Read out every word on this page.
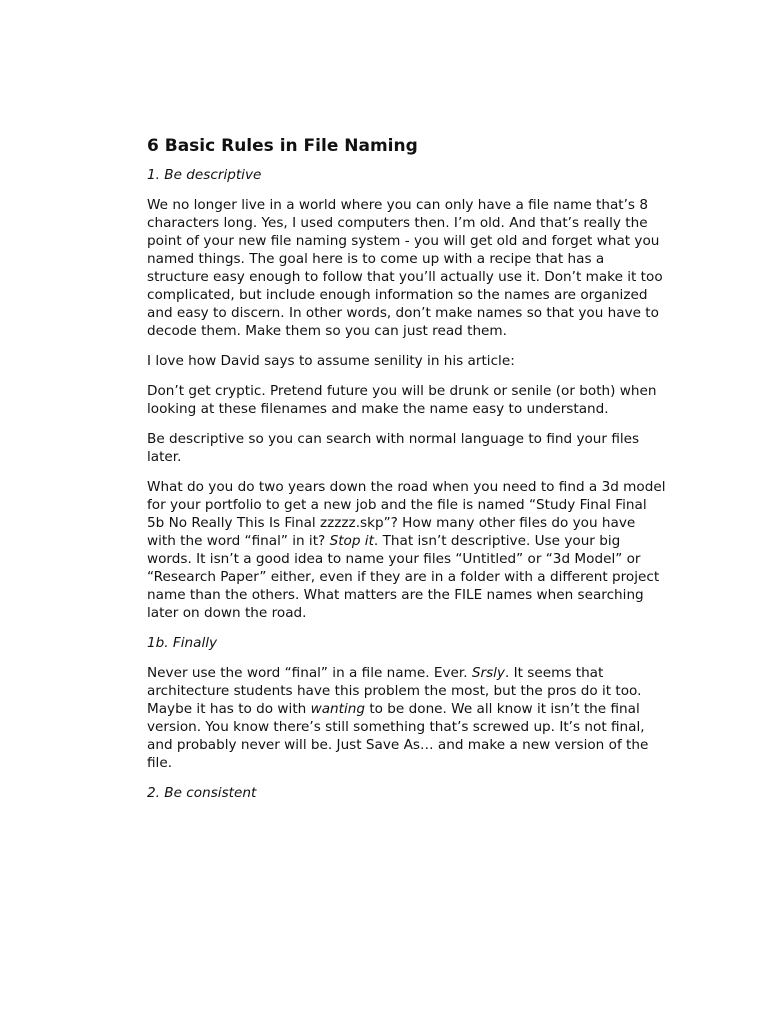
6 Basic Rules in File Naming
1. Be descriptive

We no longer live in a world where you can only have a file name that’s 8 characters long. Yes, I used computers then. I’m old. And that’s really the point of your new file naming system - you will get old and forget what you named things. The goal here is to come up with a recipe that has a structure easy enough to follow that you’ll actually use it. Don’t make it too complicated, but include enough information so the names are organized and easy to discern. In other words, don’t make names so that you have to decode them. Make them so you can just read them.

I love how David says to assume senility in his article:

Don’t get cryptic. Pretend future you will be drunk or senile (or both) when looking at these filenames and make the name easy to understand.

Be descriptive so you can search with normal language to find your files later.

What do you do two years down the road when you need to find a 3d model for your portfolio to get a new job and the file is named “Study Final Final 5b No Really This Is Final zzzzz.skp”? How many other files do you have with the word “final” in it? Stop it. That isn’t descriptive. Use your big words. It isn’t a good idea to name your files “Untitled” or “3d Model” or “Research Paper” either, even if they are in a folder with a different project name than the others. What matters are the FILE names when searching later on down the road.

1b. Finally

Never use the word “final” in a file name. Ever. Srsly. It seems that architecture students have this problem the most, but the pros do it too. Maybe it has to do with wanting to be done. We all know it isn’t the final version. You know there’s still something that’s screwed up. It’s not final, and probably never will be. Just Save As… and make a new version of the file.

2. Be consistent
